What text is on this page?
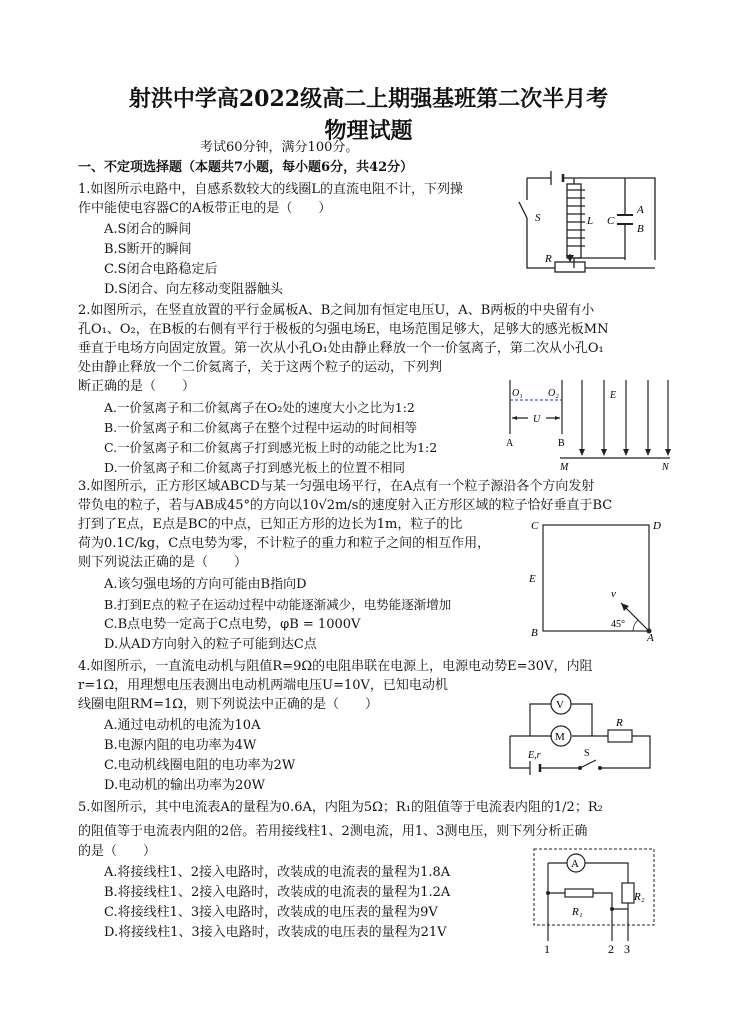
射洪中学高2022级高二上期强基班第二次半月考
物理试题
考试60分钟，满分100分。
一、不定项选择题（本题共7小题，每小题6分，共42分）
1.如图所示电路中，自感系数较大的线圈L的直流电阻不计，下列操
作中能使电容器C的A板带正电的是（　　）
A.S闭合的瞬间
B.S断开的瞬间
C.S闭合电路稳定后
D.S闭合、向左移动变阻器触头
S	L C
A
B
R
2.如图所示，在竖直放置的平行金属板A、B之间加有恒定电压U，A、B两板的中央留有小
孔O₁、O₂，在B板的右侧有平行于极板的匀强电场E，电场范围足够大，足够大的感光板MN
垂直于电场方向固定放置。第一次从小孔O₁处由静止释放一个一价氢离子，第二次从小孔O₁
处由静止释放一个二价氦离子，关于这两个粒子的运动，下列判
断正确的是（　　）
A.一价氢离子和二价氦离子在O₂处的速度大小之比为1:2
B.一价氢离子和二价氦离子在整个过程中运动的时间相等
C.一价氢离子和二价氦离子打到感光板上时的动能之比为1:2
D.一价氢离子和二价氦离子打到感光板上的位置不相同
O₁	O₂
U
E
A	B
M	N
3.如图所示，正方形区域ABCD与某一匀强电场平行，在A点有一个粒子源沿各个方向发射
带负电的粒子，若与AB成45°的方向以10√2m/s的速度射入正方形区域的粒子恰好垂直于BC
打到了E点，E点是BC的中点，已知正方形的边长为1m，粒子的比
荷为0.1C/kg，C点电势为零，不计粒子的重力和粒子之间的相互作用，
则下列说法正确的是（　　）
A.该匀强电场的方向可能由B指向D
B.打到E点的粒子在运动过程中动能逐渐减少，电势能逐渐增加
C.B点电势一定高于C点电势，φB = 1000V
D.从AD方向射入的粒子可能到达C点
C	D
E
B	A
v
45°
4.如图所示，一直流电动机与阻值R=9Ω的电阻串联在电源上，电源电动势E=30V，内阻
r=1Ω，用理想电压表测出电动机两端电压U=10V，已知电动机
线圈电阻RM=1Ω，则下列说法中正确的是（　　）
A.通过电动机的电流为10A
B.电源内阻的电功率为4W
C.电动机线圈电阻的电功率为2W
D.电动机的输出功率为20W
V
M
R
E,r	S
5.如图所示，其中电流表A的量程为0.6A，内阻为5Ω；R₁的阻值等于电流表内阻的1/2；R₂
的阻值等于电流表内阻的2倍。若用接线柱1、2测电流，用1、3测电压，则下列分析正确
的是（　　）
A.将接线柱1、2接入电路时，改装成的电流表的量程为1.8A
B.将接线柱1、2接入电路时，改装成的电流表的量程为1.2A
C.将接线柱1、3接入电路时，改装成的电压表的量程为9V
D.将接线柱1、3接入电路时，改装成的电压表的量程为21V
A
R₁
R₂
1	2 3
